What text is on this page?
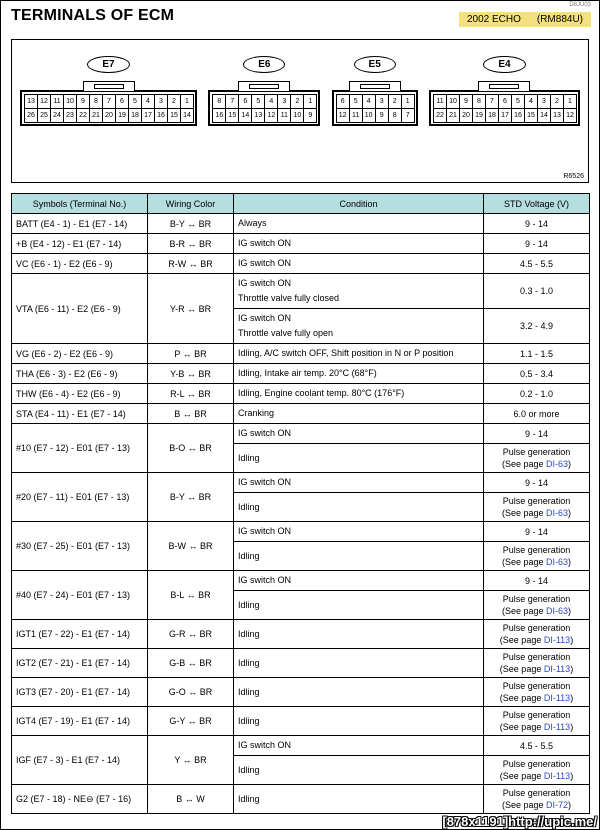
TERMINALS OF ECM
D8JU03
2002 ECHO (RM884U)
E7
13 12 11 10	9	8	7	6	5	4	3	2	1
26 25 24 23 22 21 20 19 18 17 16 15 14
E6
8	7	6	5	4	3	2	1
16 15 14 13 12 11 10	9
E5
6	5	4	3	2	1
12 11 10	9	8	7
E4
11 10	9	8	7	6	5	4	3	2	1
22 21 20 19 18 17 16 15 14 13 12
R6526
Symbols (Terminal No.)	Wiring Color	Condition	STD Voltage (V)
BATT (E4 - 1) - E1 (E7 - 14)	B-Y ↔ BR	Always	9 - 14
+B (E4 - 12) - E1 (E7 - 14)	B-R ↔ BR	IG switch ON	9 - 14
VC (E6 - 1) - E2 (E6 - 9)	R-W ↔ BR	IG switch ON	4.5 - 5.5
VTA (E6 - 11) - E2 (E6 - 9)	Y-R ↔ BR	IG switch ON
Throttle valve fully closed	0.3 - 1.0

		IG switch ON
Throttle valve fully open	3.2 - 4.9
VG (E6 - 2) - E2 (E6 - 9)	P ↔ BR	Idling, A/C switch OFF, Shift position in N or P position	1.1 - 1.5
THA (E6 - 3) - E2 (E6 - 9)	Y-B ↔ BR	Idling, Intake air temp. 20°C (68°F)	0.5 - 3.4
THW (E6 - 4) - E2 (E6 - 9)	R-L ↔ BR	Idling, Engine coolant temp. 80°C (176°F)	0.2 - 1.0
STA (E4 - 11) - E1 (E7 - 14)	B ↔ BR	Cranking	6.0 or more
#10 (E7 - 12) - E01 (E7 - 13)	B-O ↔ BR	IG switch ON	9 - 14

		Idling	Pulse generation
(See page DI-63)

#20 (E7 - 11) - E01 (E7 - 13)	B-Y ↔ BR	IG switch ON	9 - 14

		Idling	Pulse generation
(See page DI-63)

#30 (E7 - 25) - E01 (E7 - 13)	B-W ↔ BR	IG switch ON	9 - 14

		Idling	Pulse generation
(See page DI-63)

#40 (E7 - 24) - E01 (E7 - 13)	B-L ↔ BR	IG switch ON	9 - 14

		Idling	Pulse generation
(See page DI-63)

IGT1 (E7 - 22) - E1 (E7 - 14)	G-R ↔ BR	Idling	Pulse generation
(See page DI-113)

IGT2 (E7 - 21) - E1 (E7 - 14)	G-B ↔ BR	Idling	Pulse generation
(See page DI-113)

IGT3 (E7 - 20) - E1 (E7 - 14)	G-O ↔ BR	Idling	Pulse generation
(See page DI-113)

IGT4 (E7 - 19) - E1 (E7 - 14)	G-Y ↔ BR	Idling	Pulse generation
(See page DI-113)

IGF (E7 - 3) - E1 (E7 - 14)	Y ↔ BR	IG switch ON	4.5 - 5.5

		Idling	Pulse generation
(See page DI-113)

G2 (E7 - 18) - NE⊖ (E7 - 16)	B ↔ W	Idling	Pulse generation
(See page DI-72)
[878x1191]http://upic.me/
